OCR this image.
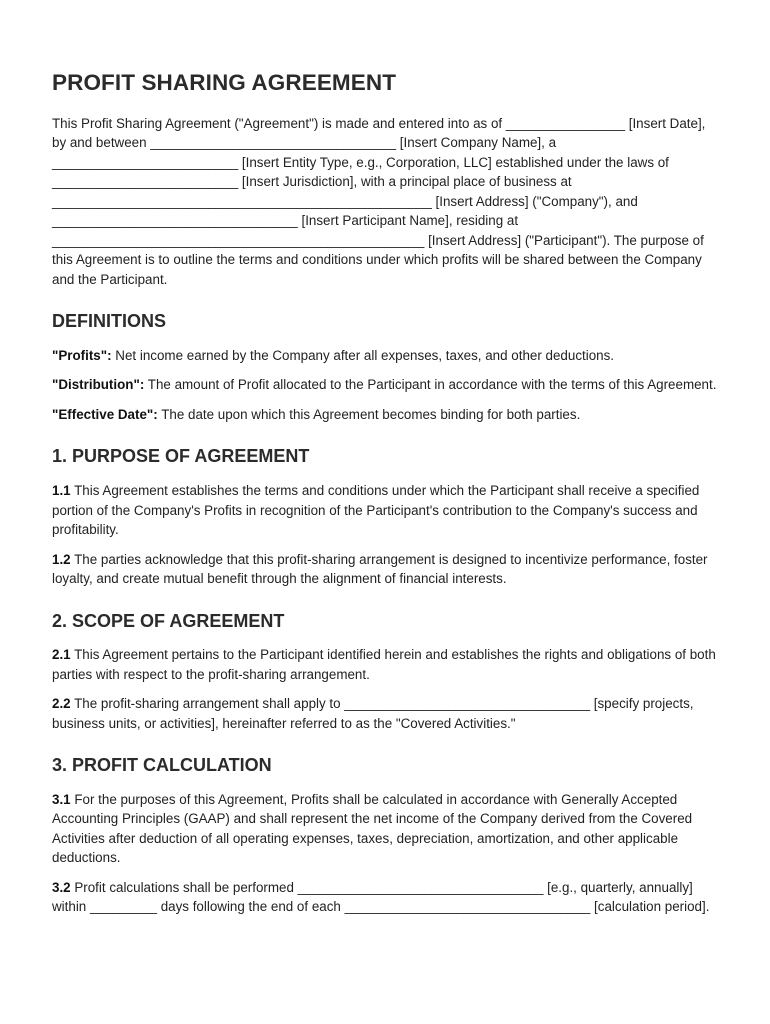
PROFIT SHARING AGREEMENT

This Profit Sharing Agreement ("Agreement") is made and entered into as of ________________ [Insert Date], by and between _________________________________ [Insert Company Name], a _________________________ [Insert Entity Type, e.g., Corporation, LLC] established under the laws of _________________________ [Insert Jurisdiction], with a principal place of business at ___________________________________________________ [Insert Address] ("Company"), and _________________________________ [Insert Participant Name], residing at __________________________________________________ [Insert Address] ("Participant"). The purpose of this Agreement is to outline the terms and conditions under which profits will be shared between the Company and the Participant.

DEFINITIONS

"Profits": Net income earned by the Company after all expenses, taxes, and other deductions.

"Distribution": The amount of Profit allocated to the Participant in accordance with the terms of this Agreement.

"Effective Date": The date upon which this Agreement becomes binding for both parties.

1. PURPOSE OF AGREEMENT

1.1 This Agreement establishes the terms and conditions under which the Participant shall receive a specified portion of the Company's Profits in recognition of the Participant's contribution to the Company's success and profitability.

1.2 The parties acknowledge that this profit-sharing arrangement is designed to incentivize performance, foster loyalty, and create mutual benefit through the alignment of financial interests.

2. SCOPE OF AGREEMENT

2.1 This Agreement pertains to the Participant identified herein and establishes the rights and obligations of both parties with respect to the profit-sharing arrangement.

2.2 The profit-sharing arrangement shall apply to _________________________________ [specify projects, business units, or activities], hereinafter referred to as the "Covered Activities."

3. PROFIT CALCULATION

3.1 For the purposes of this Agreement, Profits shall be calculated in accordance with Generally Accepted Accounting Principles (GAAP) and shall represent the net income of the Company derived from the Covered Activities after deduction of all operating expenses, taxes, depreciation, amortization, and other applicable deductions.

3.2 Profit calculations shall be performed _________________________________ [e.g., quarterly, annually] within _________ days following the end of each _________________________________ [calculation period].
